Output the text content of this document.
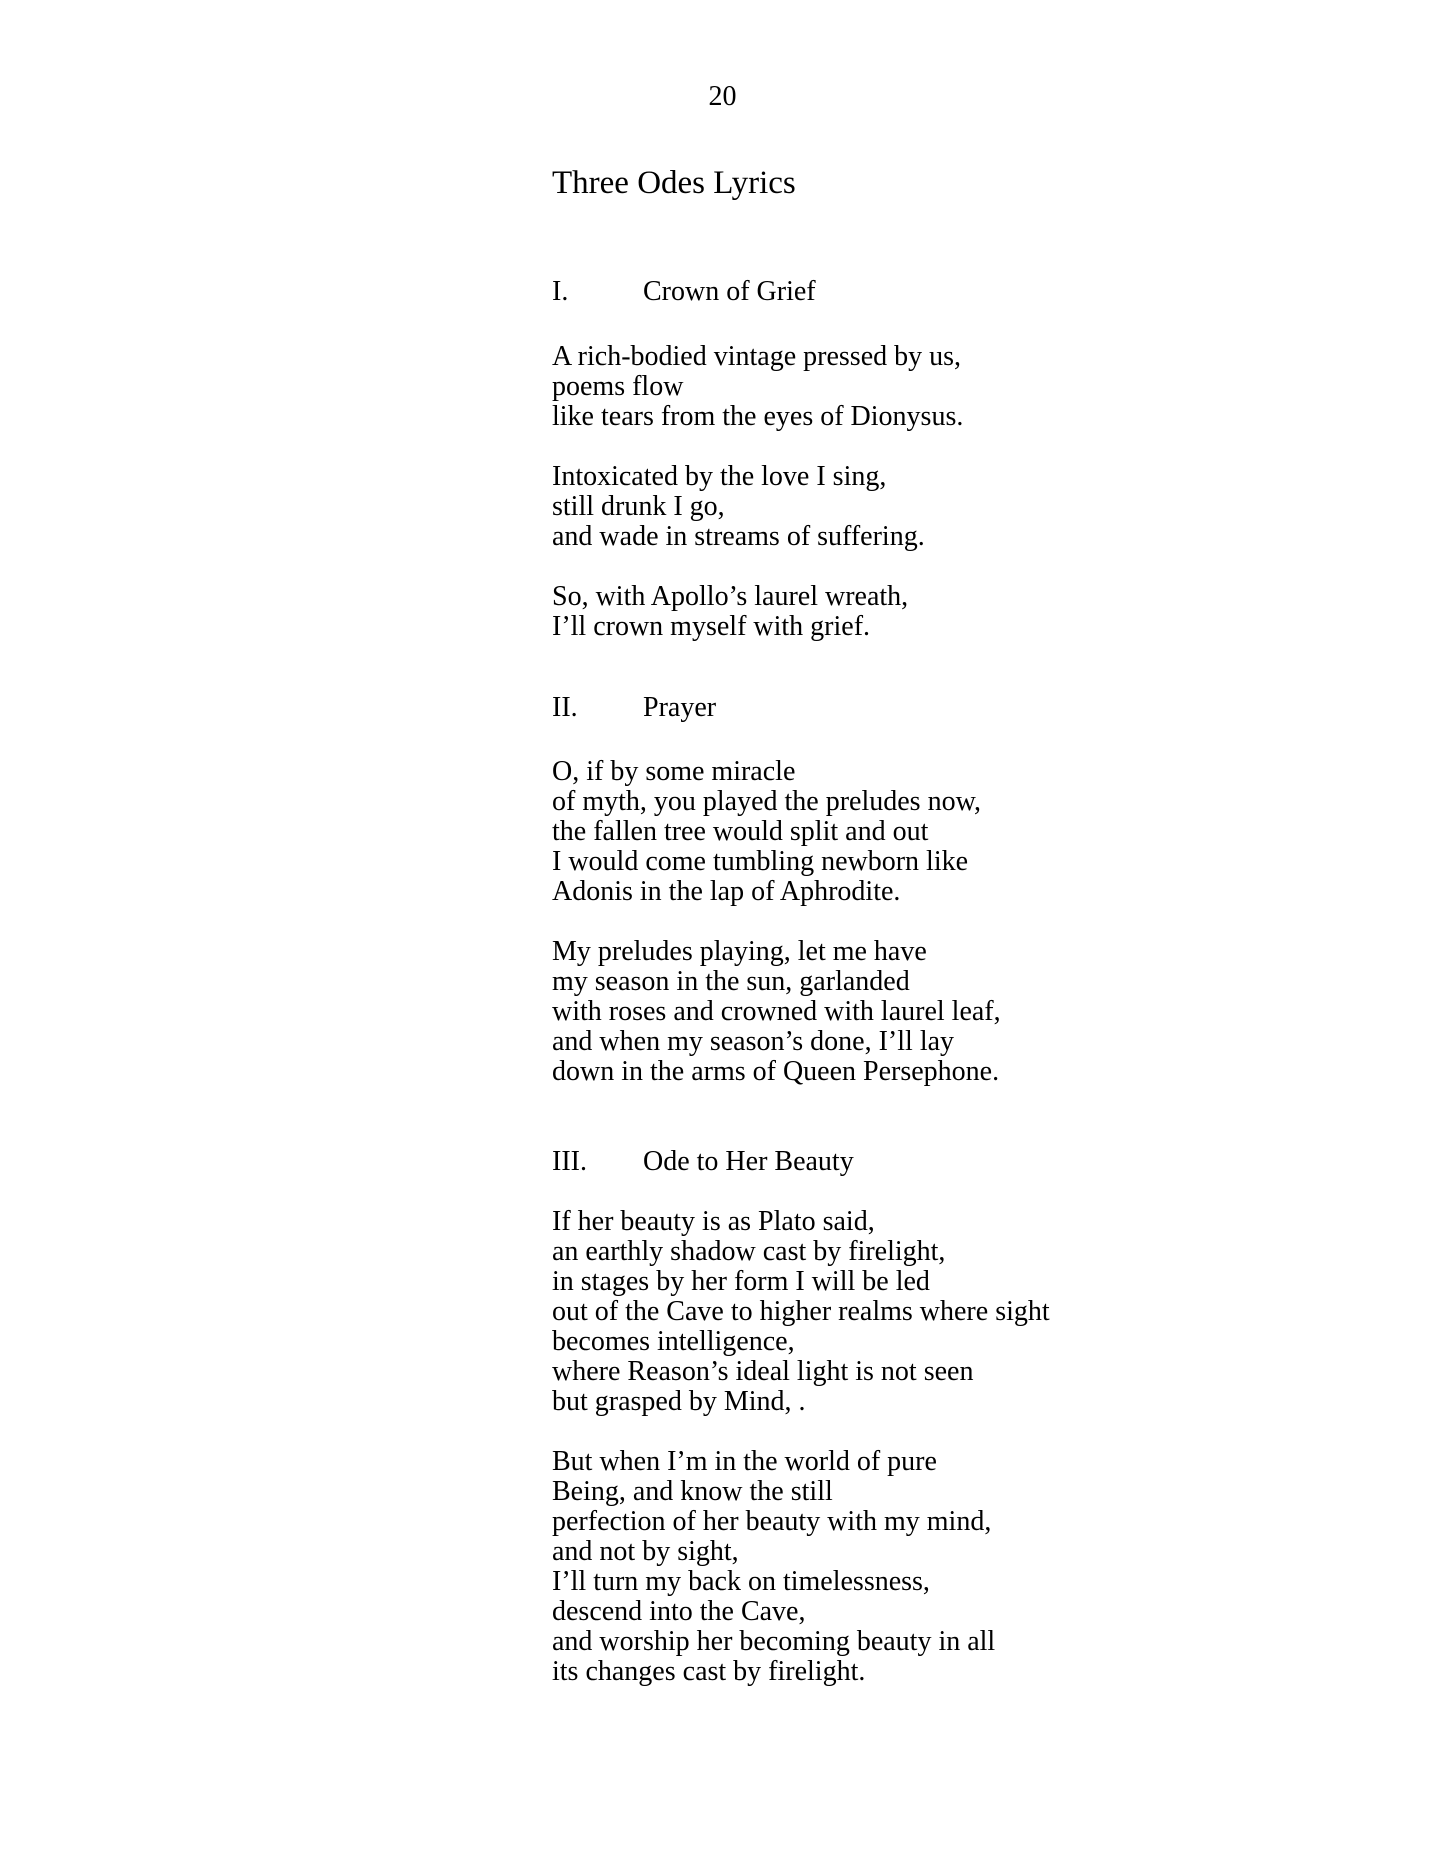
20
Three Odes Lyrics
I.	Crown of Grief
A rich-bodied vintage pressed by us,
poems flow
like tears from the eyes of Dionysus.
Intoxicated by the love I sing,
still drunk I go,
and wade in streams of suffering.
So, with Apollo’s laurel wreath,
I’ll crown myself with grief.
II. Prayer
O, if by some miracle
of myth, you played the preludes now,
the fallen tree would split and out
I would come tumbling newborn like
Adonis in the lap of Aphrodite.
My preludes playing, let me have
my season in the sun, garlanded
with roses and crowned with laurel leaf,
and when my season’s done, I’ll lay
down in the arms of Queen Persephone.
III. Ode to Her Beauty
If her beauty is as Plato said,
an earthly shadow cast by firelight,
in stages by her form I will be led
out of the Cave to higher realms where sight
becomes intelligence,
where Reason’s ideal light is not seen
but grasped by Mind, .
But when I’m in the world of pure
Being, and know the still
perfection of her beauty with my mind,
and not by sight,
I’ll turn my back on timelessness,
descend into the Cave,
and worship her becoming beauty in all
its changes cast by firelight.
